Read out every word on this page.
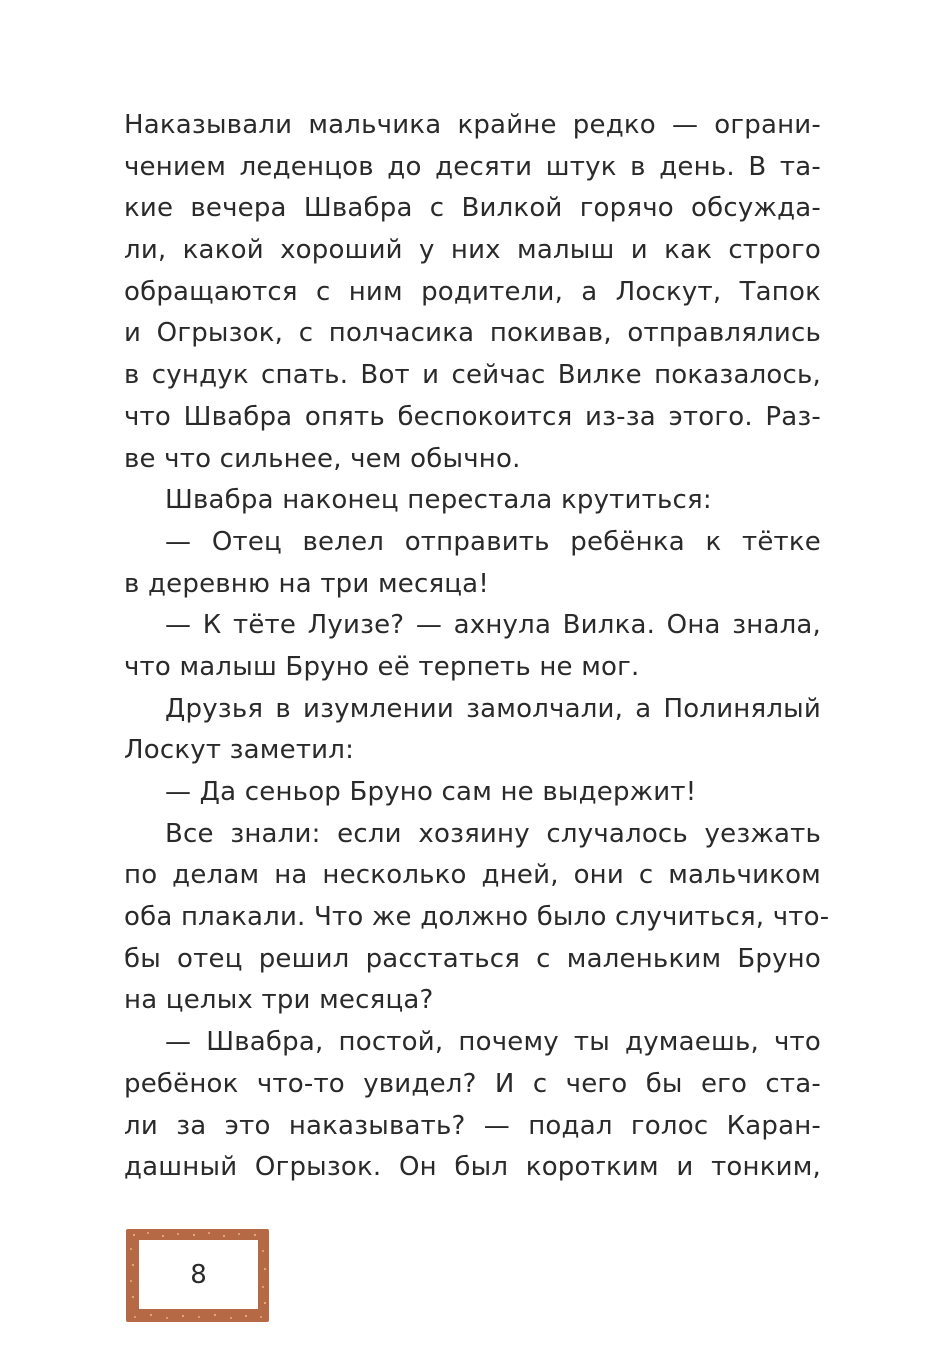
Наказывали мальчика крайне редко — ограни-
чением леденцов до десяти штук в день. В та-
кие вечера Швабра с Вилкой горячо обсужда-
ли, какой хороший у них малыш и как строго
обращаются с ним родители, а Лоскут, Тапок
и Огрызок, с полчасика покивав, отправлялись
в сундук спать. Вот и сейчас Вилке показалось,
что Швабра опять беспокоится из-за этого. Раз-
ве что сильнее, чем обычно.
Швабра наконец перестала крутиться:
— Отец велел отправить ребёнка к тётке
в деревню на три месяца!
— К тёте Луизе? — ахнула Вилка. Она знала,
что малыш Бруно её терпеть не мог.
Друзья в изумлении замолчали, а Полинялый
Лоскут заметил:
— Да сеньор Бруно сам не выдержит!
Все знали: если хозяину случалось уезжать
по делам на несколько дней, они с мальчиком
оба плакали. Что же должно было случиться, что-
бы отец решил расстаться с маленьким Бруно
на целых три месяца?
— Швабра, постой, почему ты думаешь, что
ребёнок что-то увидел? И с чего бы его ста-
ли за это наказывать? — подал голос Каран-
дашный Огрызок. Он был коротким и тонким,
8
